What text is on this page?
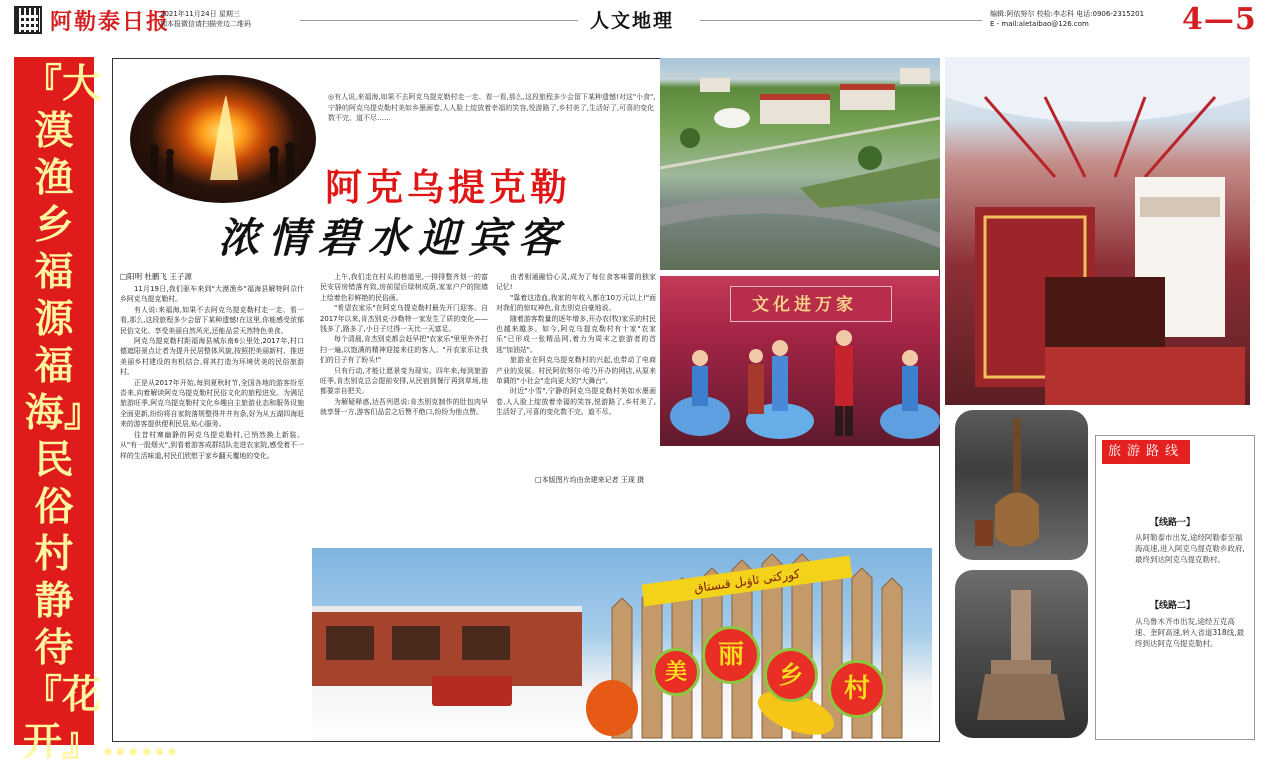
阿勒泰日报
2021年11月24日 星期三
加本报微信请扫描旁边二维码	人文地理	编辑:阿依努尔 校检:李志科 电话:0906-2315201
E - mail:aletaibao@126.com	4—5
『大漠渔乡 福源福海』民俗村静待『花开』……
◎有人说,来福海,如果不去阿克乌提克勒村走一走、看一看,那么,这段旅程多少会留下某种遗憾!对这"小食",宁静的阿克乌提克勒村美如乡墨画卷,人人脸上绽放着幸福的笑容,悦游路了,乡村美了,生活好了,可喜的变化数不完、道不尽……
阿克乌提克勒
浓情碧水迎宾客
文化进万家
□阳明 杜鹏飞 王子源

11月19日,我们驱车来到"大漠渔乡"福海县解特阿尕什乡阿克乌提克勒村。

有人说:来福海,如果不去阿克乌提克勒村走一走、看一看,那么,这段旅程多少会留下某种遗憾!在这里,你能感受浓郁民俗文化、享受美丽自然风光,还能品尝天然特色美食。

阿克乌提克勒村距福海县城东南6公里处,2017年,村口德遮阳景点让者为提升民居整体风貌,按照把美丽新村、推进美丽乡村建设的有机结合,将其打造为环境优美的民俗旅游村。

正是从2017年开始,每到夏秋时节,全国各地的游客纷至沓来,向着解读阿克乌提克勒村民俗文化的旅程进发。为满足旅游旺季,阿克乌提克勒村文化乡趣自主旅游业态和服务设施全面更新,纷纷将自家院落规整得井井有条,好为从五湖四海赶来的游客提供便利民居,贴心服务。

往昔村寨幽静的阿克乌提克勒村,已悄然换上新装。从"有一股烟火",到看着游客成群结队走进农家院,感受着不一样的生活味道,村民们欣慰于家乡翻天覆地的变化。

上午,我们走在村头的巷道里,一排排整齐划一的富民安居房错落有致,房前屋后绿树成荫,家家户户的院墙上绘着色彩鲜艳的民俗画。

"希望农家乐"在阿克乌提克勒村最先开门迎客。自2017年以来,肯杰别克·沙勒特一家发生了质的变化——钱多了,路多了,小日子过得一天比一天富足。

每个清晨,肯杰别克都会赶早把"农家乐"里里外外打扫一遍,以饱满的精神迎接来往的客人。"开农家乐让我们的日子有了盼头!"

只有行动,才能让愿景变为现实。四年来,每到旅游旺季,肯杰别克总会提前安排,从民宿到餐厅再到草场,他都要亲自把关。

为解疑释惑,达吾列恩说:肯杰别克制作的肚包肉早就享誉一方,游客们品尝之后赞不绝口,纷纷为他点赞。

由者相通融恰心灵,成为了每位食客味蕾的独家记忆!

"靠着这造血,我家的年收入都在10万元以上!"面对我们的惊叹神色,肯杰别克自豪地说。

随着游客数量的逐年增多,开办农(牧)家乐的村民也越来越多。如今,阿克乌提克勒村有十家"农家乐"已形成一张精品网,着力为周末之旅游者的首选"加油站"。

旅游业在阿克乌提克勒村的兴起,也带动了电商产业的发展。村民阿依努尔·哈乃开办的网店,从原来单调的"小社会"走向更大的"大舞台"。

时近"小雪",宁静的阿克乌提克勒村美如水墨画卷,人人脸上绽放着幸福的笑容,悦游路了,乡村美了,生活好了,可喜的变化数不完、道不尽。

□本版图片均由余建来记者 王现 摄
كوركتى ئاۋىل قىستاق
美
丽
乡	村
旅游路线
【线路一】
从阿勒泰市出发,途经阿勒泰至福海高速,进入阿克乌提克勒乡政府,最终到达阿克乌提克勒村。
【线路二】
从乌鲁木齐市出发,途经五克高速、奎阿高速,转入省道318线,最终到达阿克乌提克勒村。
